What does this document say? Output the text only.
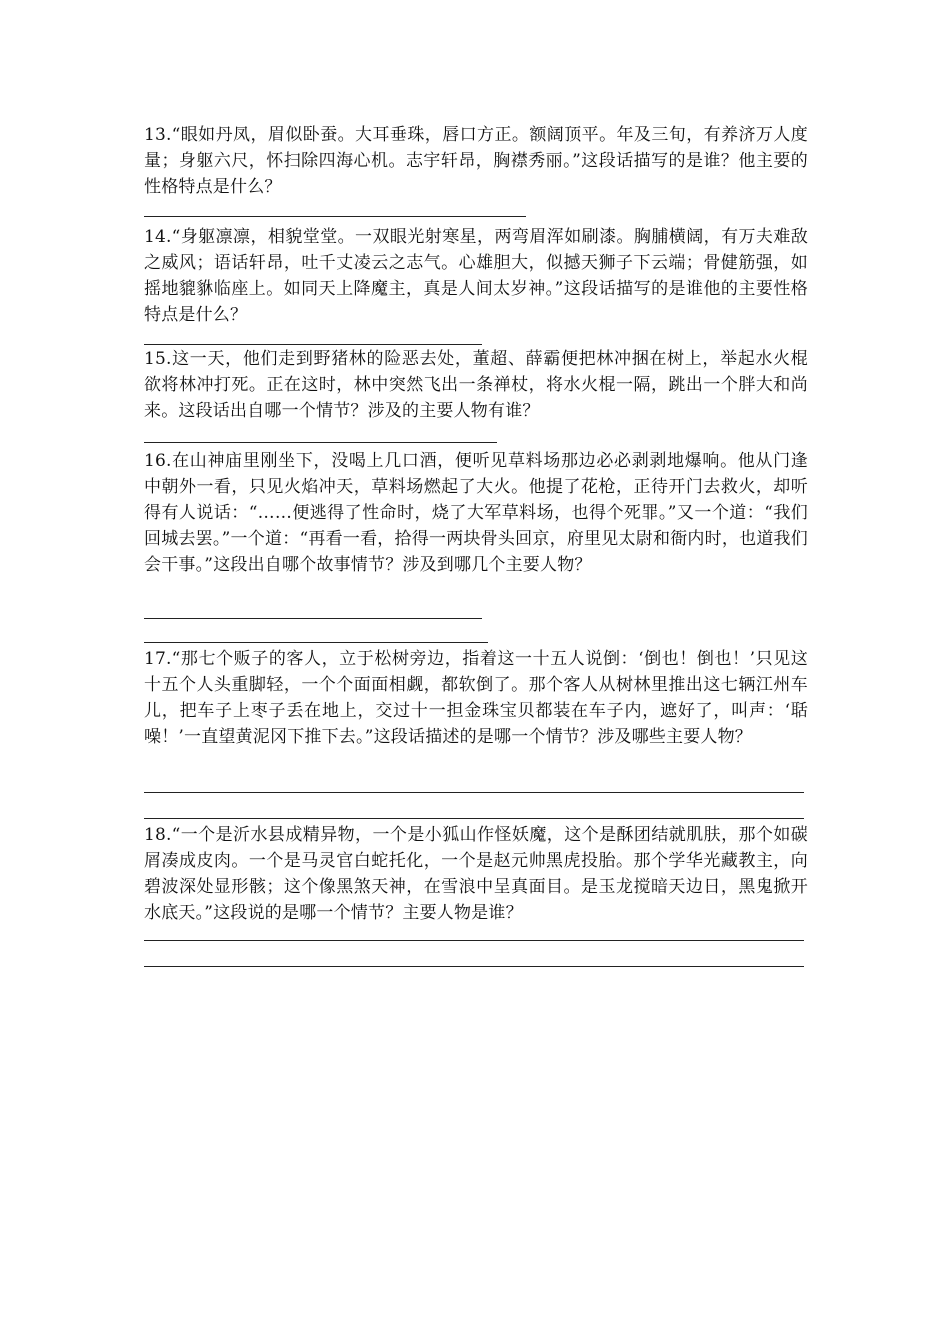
13.“眼如丹凤，眉似卧蚕。大耳垂珠，唇口方正。额阔顶平。年及三旬，有养济万人度量；身躯六尺，怀扫除四海心机。志宇轩昂，胸襟秀丽。”这段话描写的是谁？他主要的性格特点是什么？

14.“身躯凛凛，相貌堂堂。一双眼光射寒星，两弯眉浑如刷漆。胸脯横阔，有万夫难敌之威风；语话轩昂，吐千丈凌云之志气。心雄胆大，似撼天狮子下云端；骨健筋强，如摇地貔貅临座上。如同天上降魔主，真是人间太岁神。”这段话描写的是谁他的主要性格特点是什么？

15.这一天，他们走到野猪林的险恶去处，董超、薛霸便把林冲捆在树上，举起水火棍欲将林冲打死。正在这时，林中突然飞出一条禅杖，将水火棍一隔，跳出一个胖大和尚来。这段话出自哪一个情节？涉及的主要人物有谁？

16.在山神庙里刚坐下，没喝上几口酒，便听见草料场那边必必剥剥地爆响。他从门逢中朝外一看，只见火焰冲天，草料场燃起了大火。他提了花枪，正待开门去救火，却听得有人说话：“……便逃得了性命时，烧了大军草料场，也得个死罪。”又一个道：“我们回城去罢。”一个道：“再看一看，拾得一两块骨头回京，府里见太尉和衙内时，也道我们会干事。”这段出自哪个故事情节？涉及到哪几个主要人物？

17.“那七个贩子的客人，立于松树旁边，指着这一十五人说倒：‘倒也！倒也！’只见这十五个人头重脚轻，一个个面面相觑，都软倒了。那个客人从树林里推出这七辆江州车儿，把车子上枣子丢在地上，交过十一担金珠宝贝都装在车子内，遮好了，叫声：‘聒噪！’一直望黄泥冈下推下去。”这段话描述的是哪一个情节？涉及哪些主要人物？

18.“一个是沂水县成精异物，一个是小狐山作怪妖魔，这个是酥团结就肌肤，那个如碳屑凑成皮肉。一个是马灵官白蛇托化，一个是赵元帅黑虎投胎。那个学华光藏教主，向碧波深处显形骸；这个像黑煞天神，在雪浪中呈真面目。是玉龙搅暗天边日，黑鬼掀开水底天。”这段说的是哪一个情节？主要人物是谁？
